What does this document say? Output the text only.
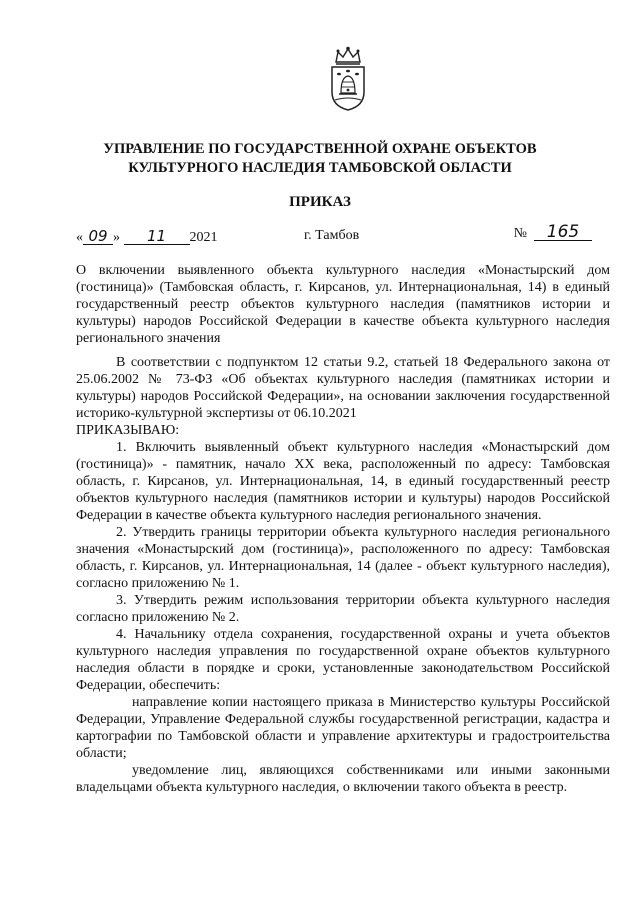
УПРАВЛЕНИЕ ПО ГОСУДАРСТВЕННОЙ ОХРАНЕ ОБЪЕКТОВ
КУЛЬТУРНОГО НАСЛЕДИЯ ТАМБОВСКОЙ ОБЛАСТИ
ПРИКАЗ
« 09 » 11 2021	г. Тамбов	№ 165
О включении выявленного объекта культурного наследия «Монастырский дом (гостиница)» (Тамбовская область, г. Кирсанов, ул. Интернациональная, 14) в единый государственный реестр объектов культурного наследия (памятников истории и культуры) народов Российской Федерации в качестве объекта культурного наследия регионального значения

В соответствии с подпунктом 12 статьи 9.2, статьей 18 Федерального закона от 25.06.2002 № 73-ФЗ «Об объектах культурного наследия (памятниках истории и культуры) народов Российской Федерации», на основании заключения государственной историко-культурной экспертизы от 06.10.2021

ПРИКАЗЫВАЮ:

1. Включить выявленный объект культурного наследия «Монастырский дом (гостиница)» - памятник, начало XX века, расположенный по адресу: Тамбовская область, г. Кирсанов, ул. Интернациональная, 14, в единый государственный реестр объектов культурного наследия (памятников истории и культуры) народов Российской Федерации в качестве объекта культурного наследия регионального значения.

2. Утвердить границы территории объекта культурного наследия регионального значения «Монастырский дом (гостиница)», расположенного по адресу: Тамбовская область, г. Кирсанов, ул. Интернациональная, 14 (далее - объект культурного наследия), согласно приложению № 1.

3. Утвердить режим использования территории объекта культурного наследия согласно приложению № 2.

4. Начальнику отдела сохранения, государственной охраны и учета объектов культурного наследия управления по государственной охране объектов культурного наследия области в порядке и сроки, установленные законодательством Российской Федерации, обеспечить:

направление копии настоящего приказа в Министерство культуры Российской Федерации, Управление Федеральной службы государственной регистрации, кадастра и картографии по Тамбовской области и управление архитектуры и градостроительства области;

уведомление лиц, являющихся собственниками или иными законными владельцами объекта культурного наследия, о включении такого объекта в реестр.
